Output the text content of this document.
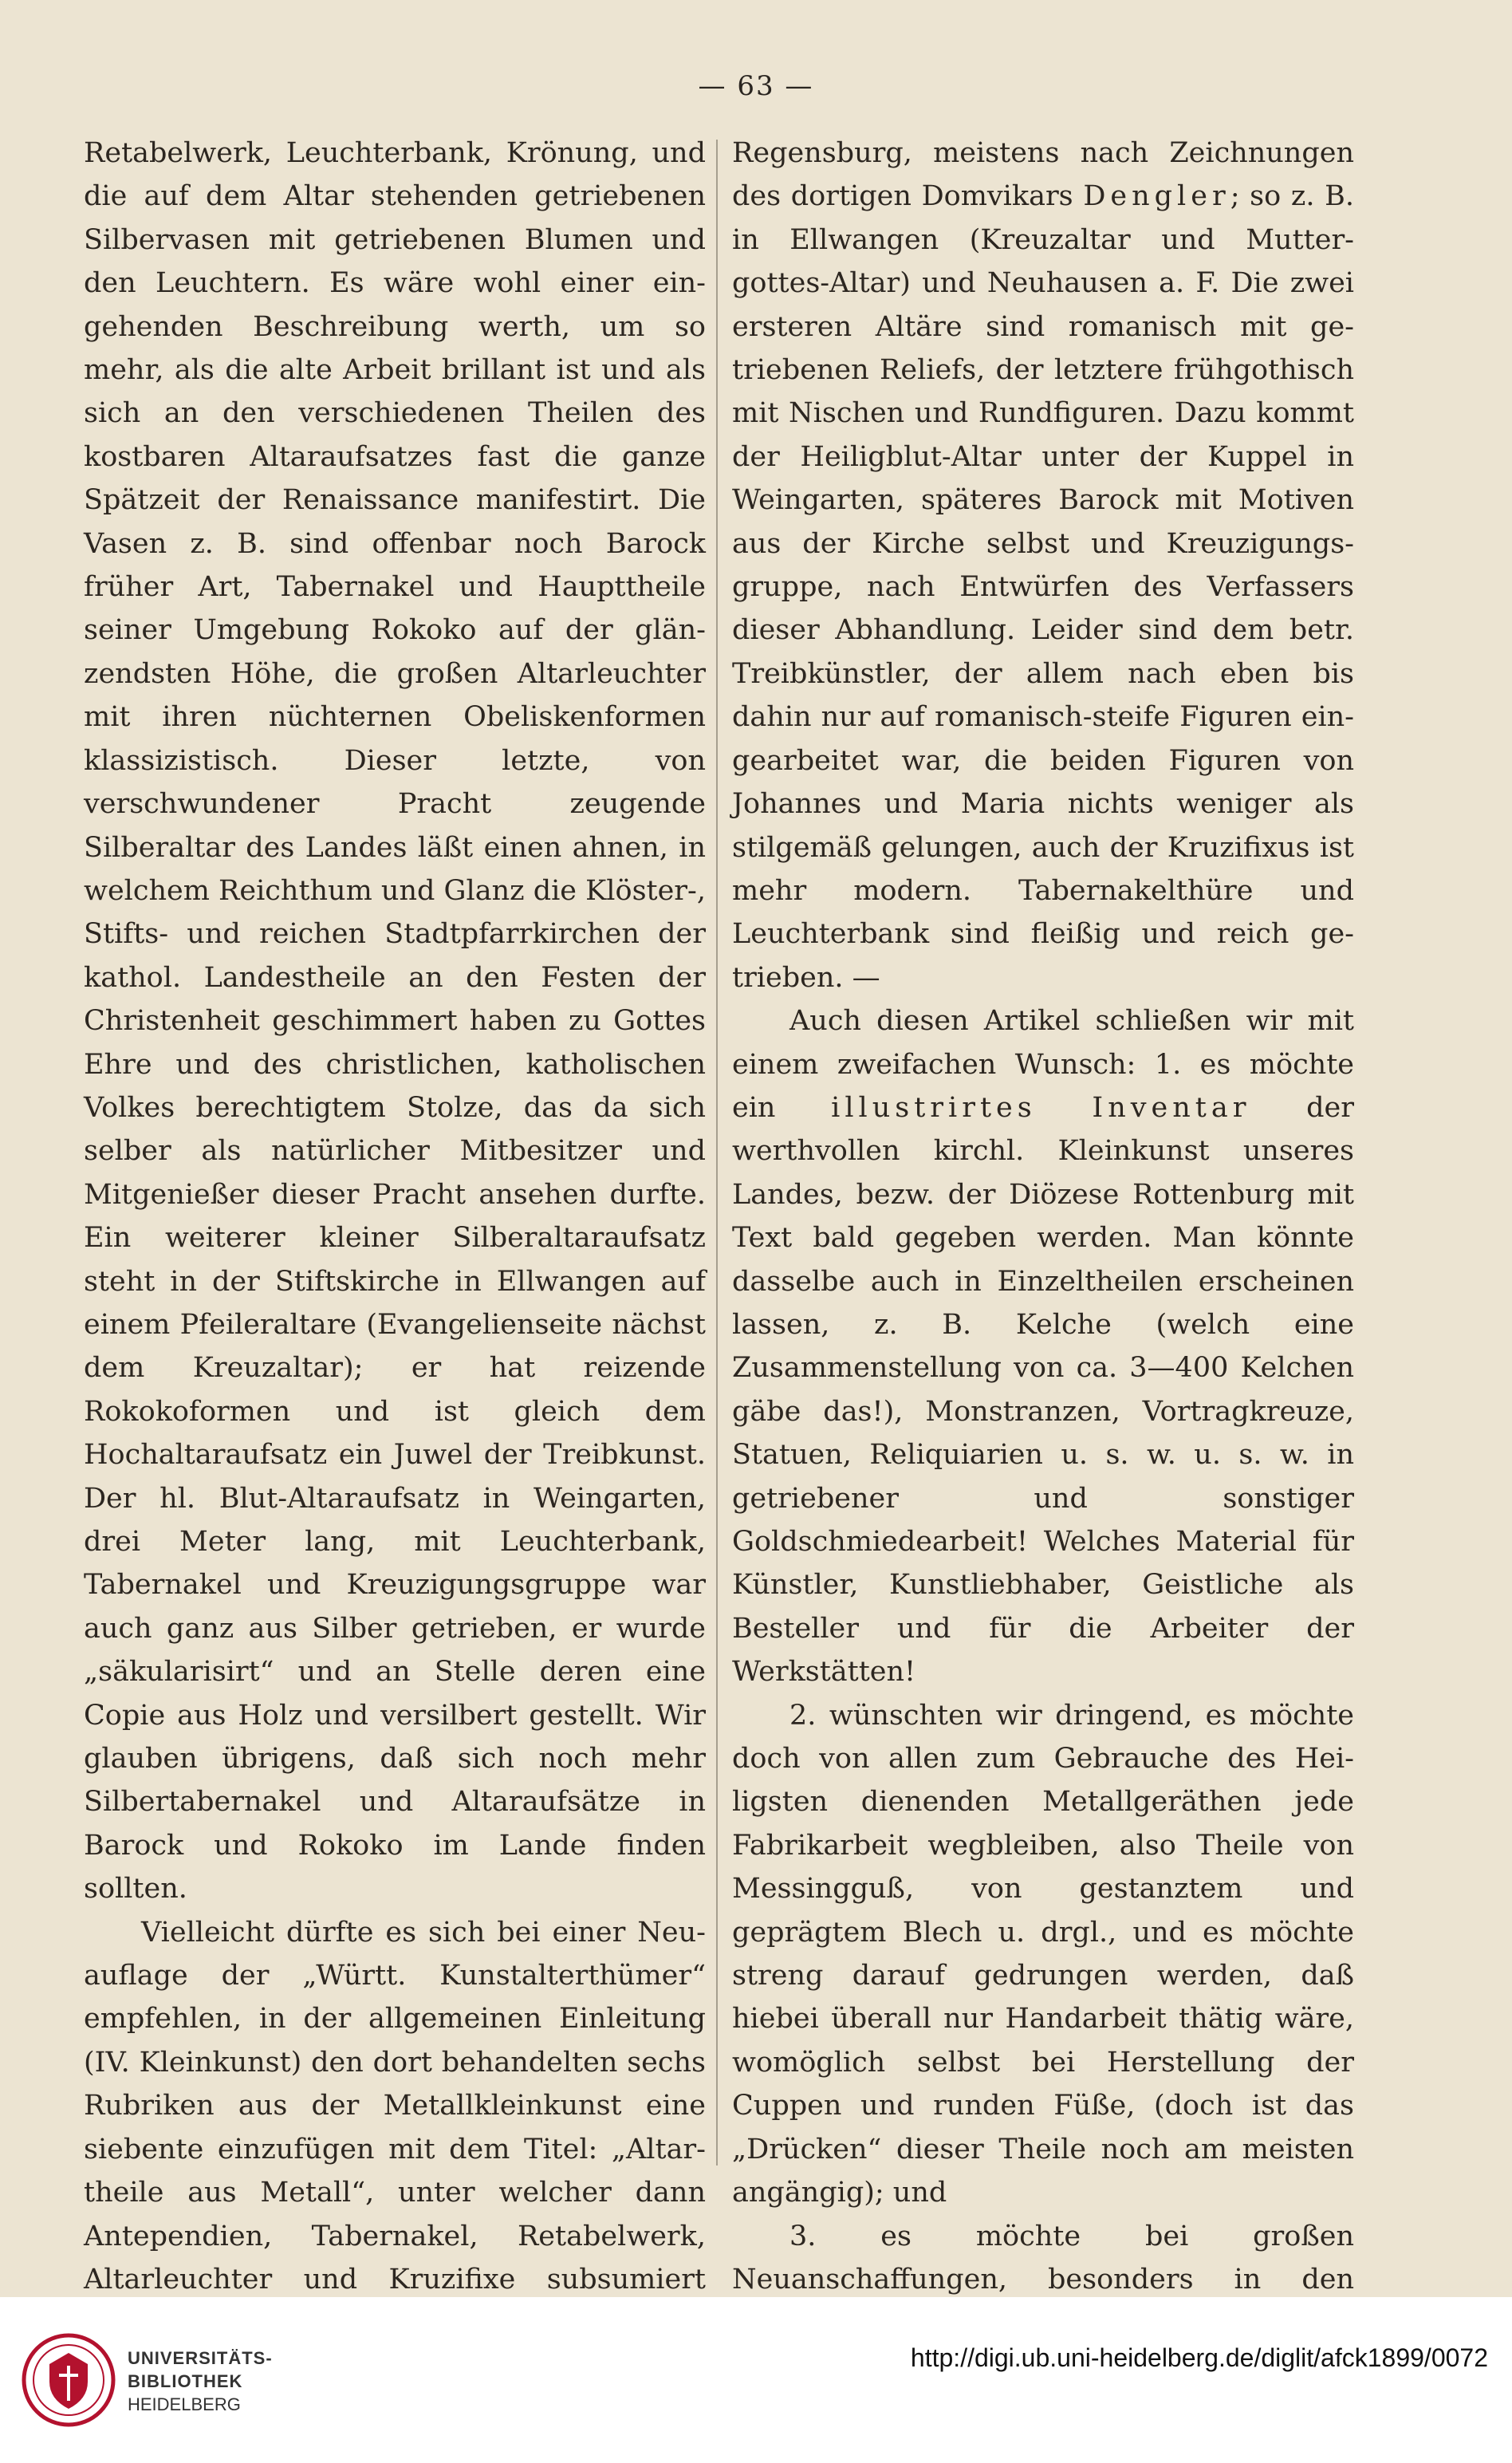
— 63 —

Retabelwerk, Leuchterbank, Krönung, und die auf dem Altar stehenden getriebenen Silbervasen mit getriebenen Blumen und den Leuchtern. Es wäre wohl einer eingehenden Beschreibung werth, um so mehr, als die alte Arbeit brillant ist und als sich an den verschiedenen Theilen des kostbaren Altaraufsatzes fast die ganze Spätzeit der Renaissance manifestirt. Die Vasen z. B. sind offenbar noch Barock früher Art, Tabernakel und Haupttheile seiner Umgebung Rokoko auf der glänzendsten Höhe, die großen Altarleuchter mit ihren nüchternen Obeliskenformen klassizistisch. Dieser letzte, von verschwundener Pracht zeugende Silberaltar des Landes läßt einen ahnen, in welchem Reichthum und Glanz die Klöster-, Stifts- und reichen Stadtpfarrkirchen der kathol. Landestheile an den Festen der Christenheit geschimmert haben zu Gottes Ehre und des christlichen, katholischen Volkes berechtigtem Stolze, das da sich selber als natürlicher Mitbesitzer und Mitgenießer dieser Pracht ansehen durfte. Ein weiterer kleiner Silberaltaraufsatz steht in der Stiftskirche in Ellwangen auf einem Pfeileraltare (Evangelienseite nächst dem Kreuzaltar); er hat reizende Rokokoformen und ist gleich dem Hochaltaraufsatz ein Juwel der Treibkunst. Der hl. Blut-Altaraufsatz in Weingarten, drei Meter lang, mit Leuchterbank, Tabernakel und Kreuzigungsgruppe war auch ganz aus Silber getrieben, er wurde „säkularisirt“ und an Stelle deren eine Copie aus Holz und versilbert gestellt. Wir glauben übrigens, daß sich noch mehr Silbertabernakel und Altaraufsätze in Barock und Rokoko im Lande finden sollten.

Vielleicht dürfte es sich bei einer Neuauflage der „Württ. Kunstalterthümer“ empfehlen, in der allgemeinen Einleitung (IV. Kleinkunst) den dort behandelten sechs Rubriken aus der Metallkleinkunst eine siebente einzufügen mit dem Titel: „Altartheile aus Metall“, unter welcher dann Antependien, Tabernakel, Retabelwerk, Altarleuchter und Kruzifixe subsumiert

Regensburg, meistens nach Zeichnungen des dortigen Domvikars Dengler; so z. B. in Ellwangen (Kreuzaltar und Muttergottes-Altar) und Neuhausen a. F. Die zwei ersteren Altäre sind romanisch mit getriebenen Reliefs, der letztere frühgothisch mit Nischen und Rundfiguren. Dazu kommt der Heiligblut-Altar unter der Kuppel in Weingarten, späteres Barock mit Motiven aus der Kirche selbst und Kreuzigungsgruppe, nach Entwürfen des Verfassers dieser Abhandlung. Leider sind dem betr. Treibkünstler, der allem nach eben bis dahin nur auf romanisch-steife Figuren eingearbeitet war, die beiden Figuren von Johannes und Maria nichts weniger als stilgemäß gelungen, auch der Kruzifixus ist mehr modern. Tabernakelthüre und Leuchterbank sind fleißig und reich getrieben. —

Auch diesen Artikel schließen wir mit einem zweifachen Wunsch: 1. es möchte ein illustrirtes Inventar der werthvollen kirchl. Kleinkunst unseres Landes, bezw. der Diözese Rottenburg mit Text bald gegeben werden. Man könnte dasselbe auch in Einzeltheilen erscheinen lassen, z. B. Kelche (welch eine Zusammenstellung von ca. 3—400 Kelchen gäbe das!), Monstranzen, Vortragkreuze, Statuen, Reliquiarien u. s. w. u. s. w. in getriebener und sonstiger Goldschmiedearbeit! Welches Material für Künstler, Kunstliebhaber, Geistliche als Besteller und für die Arbeiter der Werkstätten!

2. wünschten wir dringend, es möchte doch von allen zum Gebrauche des Heiligsten dienenden Metallgeräthen jede Fabrikarbeit wegbleiben, also Theile von Messingguß, von gestanztem und geprägtem Blech u. drgl., und es möchte streng darauf gedrungen werden, daß hiebei überall nur Handarbeit thätig wäre, womöglich selbst bei Herstellung der Cuppen und runden Füße, (doch ist das „Drücken“ dieser Theile noch am meisten angängig); und

3. es möchte bei großen Neuanschaffungen, besonders in den

UNIVERSITÄTS-
BIBLIOTHEK
HEIDELBERG
http://digi.ub.uni-heidelberg.de/diglit/afck1899/0072
